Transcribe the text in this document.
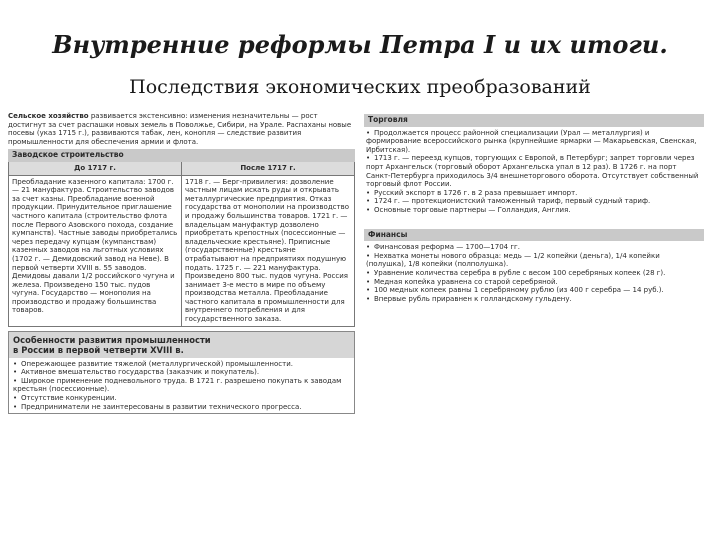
Внутренние реформы Петра I и их итоги.
Последствия экономических преобразований

Сельское хозяйство развивается экстенсивно: изменения незначительны — рост достигнут за счет распашки новых земель в Поволжье, Сибири, на Урале. Распаханы новые посевы (указ 1715 г.), развиваются табак, лен, конопля — следствие развития промышленности для обеспечения армии и флота.

Заводское строительство
До 1717 г.	После 1717 г.
Преобладание казенного капитала: 1700 г. — 21 мануфактура. Строительство заводов за счет казны. Преобладание военной продукции. Принудительное приглашение частного капитала (строительство флота после Первого Азовского похода, создание кумпанств). Частные заводы приобретались через передачу купцам (кумпанствам) казенных заводов на льготных условиях (1702 г. — Демидовский завод на Неве). В первой четверти XVIII в. 55 заводов. Демидовы давали 1/2 российского чугуна и железа. Произведено 150 тыс. пудов чугуна. Государство — монополия на производство и продажу большинства товаров.
1718 г. — Берг-привилегия: дозволение частным лицам искать руды и открывать металлургические предприятия. Отказ государства от монополии на производство и продажу большинства товаров. 1721 г. — владельцам мануфактур дозволено приобретать крепостных (посессионные — владельческие крестьяне). Приписные (государственные) крестьяне отрабатывают на предприятиях подушную подать. 1725 г. — 221 мануфактура. Произведено 800 тыс. пудов чугуна. Россия занимает 3-е место в мире по объему производства металла. Преобладание частного капитала в промышленности для внутреннего потребления и для государственного заказа.
Особенности развития промышленности
в России в первой четверти XVIII в.
• Опережающее развитие тяжелой (металлургической) промышленности.
• Активное вмешательство государства (заказчик и покупатель).
• Широкое применение подневольного труда. В 1721 г. разрешено покупать к заводам крестьян (посессионные).
• Отсутствие конкуренции.
• Предприниматели не заинтересованы в развитии технического прогресса.
Торговля
• Продолжается процесс районной специализации (Урал — металлургия) и формирование всероссийского рынка (крупнейшие ярмарки — Макарьевская, Свенская, Ирбитская).
• 1713 г. — переезд купцов, торгующих с Европой, в Петербург; запрет торговли через порт Архангельск (торговый оборот Архангельска упал в 12 раз). В 1726 г. на порт Санкт-Петербурга приходилось 3/4 внешнеторгового оборота. Отсутствует собственный торговый флот России.
• Русский экспорт в 1726 г. в 2 раза превышает импорт.
• 1724 г. — протекционистский таможенный тариф, первый судный тариф.
• Основные торговые партнеры — Голландия, Англия.
Финансы
• Финансовая реформа — 1700—1704 гг.
• Нехватка монеты нового образца: медь — 1/2 копейки (деньга), 1/4 копейки (полушка), 1/8 копейки (полполушка).
• Уравнение количества серебра в рубле с весом 100 серебряных копеек (28 г).
• Медная копейка уравнена со старой серебряной.
• 100 медных копеек равны 1 серебряному рублю (из 400 г серебра — 14 руб.).
• Впервые рубль приравнен к голландскому гульдену.
